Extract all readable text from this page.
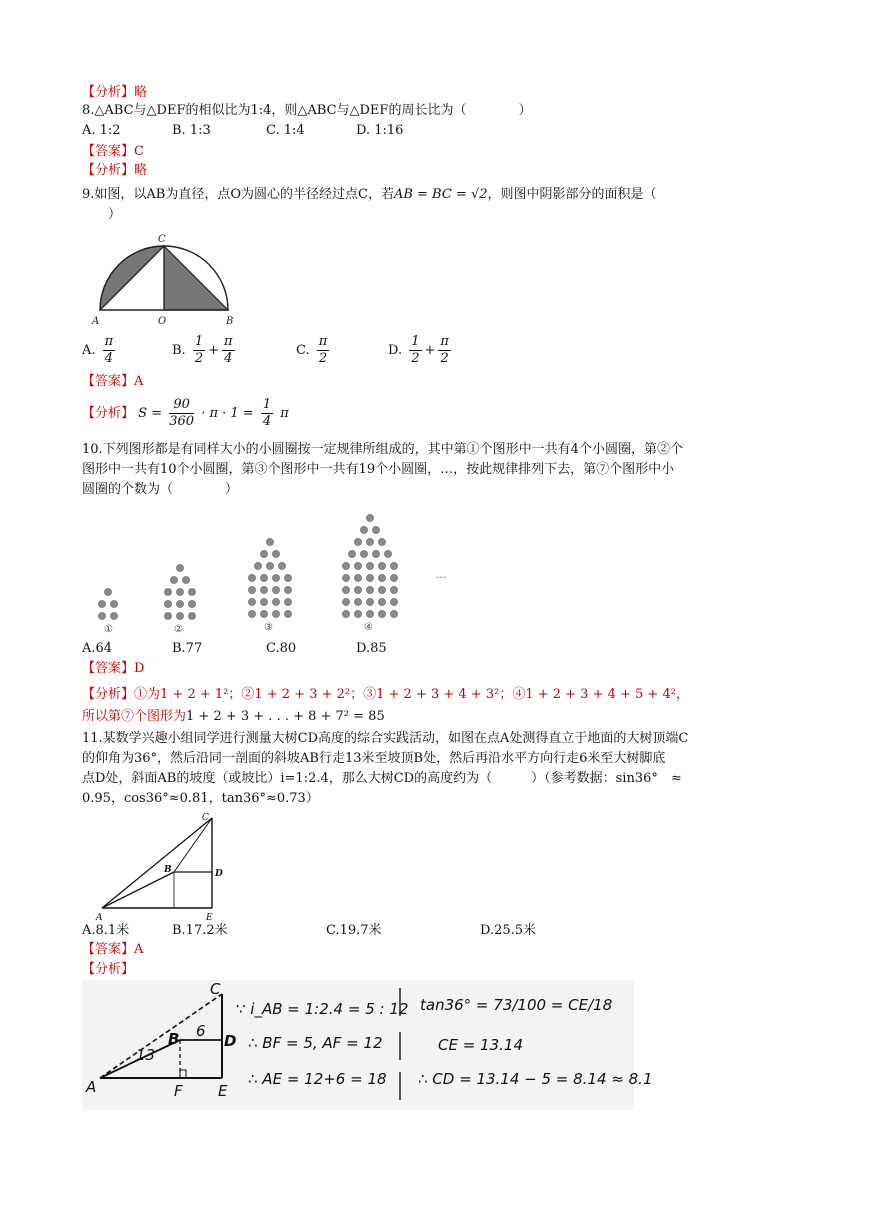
【分析】略
8.△ABC与△DEF的相似比为1:4，则△ABC与△DEF的周长比为（　　　　）
A. 1:2	B. 1:3	C. 1:4	D. 1:16
【答案】C
【分析】略
9.如图，以AB为直径，点O为圆心的半径经过点C，若AB = BC = √2，则图中阴影部分的面积是（
　　）
C
A	O	B
A. $\frac{\pi}{4}$	B. $\frac{1}{2} + \frac{\pi}{4}$	C. $\frac{\pi}{2}$	D. $\frac{1}{2} + \frac{\pi}{2}$
【答案】A
【分析】 $S = \frac{90}{360} \cdot \pi \cdot 1 = \frac{1}{4}$ π
10.下列图形都是有同样大小的小圆圈按一定规律所组成的，其中第①个图形中一共有4个小圆圈，第②个
图形中一共有10个小圆圈，第③个图形中一共有19个小圆圈，…，按此规律排列下去，第⑦个图形中小
圆圈的个数为（　　　　）
①	②	③	④
…
A.64	B.77	C.80	D.85
【答案】D
【分析】①为1 + 2 + 1²；②1 + 2 + 3 + 2²；③1 + 2 + 3 + 4 + 3²；④1 + 2 + 3 + 4 + 5 + 4²，
所以第⑦个图形为1 + 2 + 3 + . . . + 8 + 7² = 85
11.某数学兴趣小组同学进行测量大树CD高度的综合实践活动，如图在点A处测得直立于地面的大树顶端C
的仰角为36°，然后沿同一剖面的斜坡AB行走13米至坡顶B处，然后再沿水平方向行走6米至大树脚底
点D处，斜面AB的坡度（或坡比）i=1:2.4，那么大树CD的高度约为（　　　）（参考数据：sin36°　≈
0.95，cos36°≈0.81，tan36°≈0.73）
C
B	D
A	E
A.8.1米	B.17.2米	C.19.7米	D.25.5米
【答案】A
【分析】
C
B	D
A	F E
13
6
∵ i_AB = 1:2.4 = 5 : 12
∴ BF = 5, AF = 12
∴ AE = 12+6 = 18
tan36° = 73/100 = CE/18
CE = 13.14
∴ CD = 13.14 − 5 = 8.14 ≈ 8.1
